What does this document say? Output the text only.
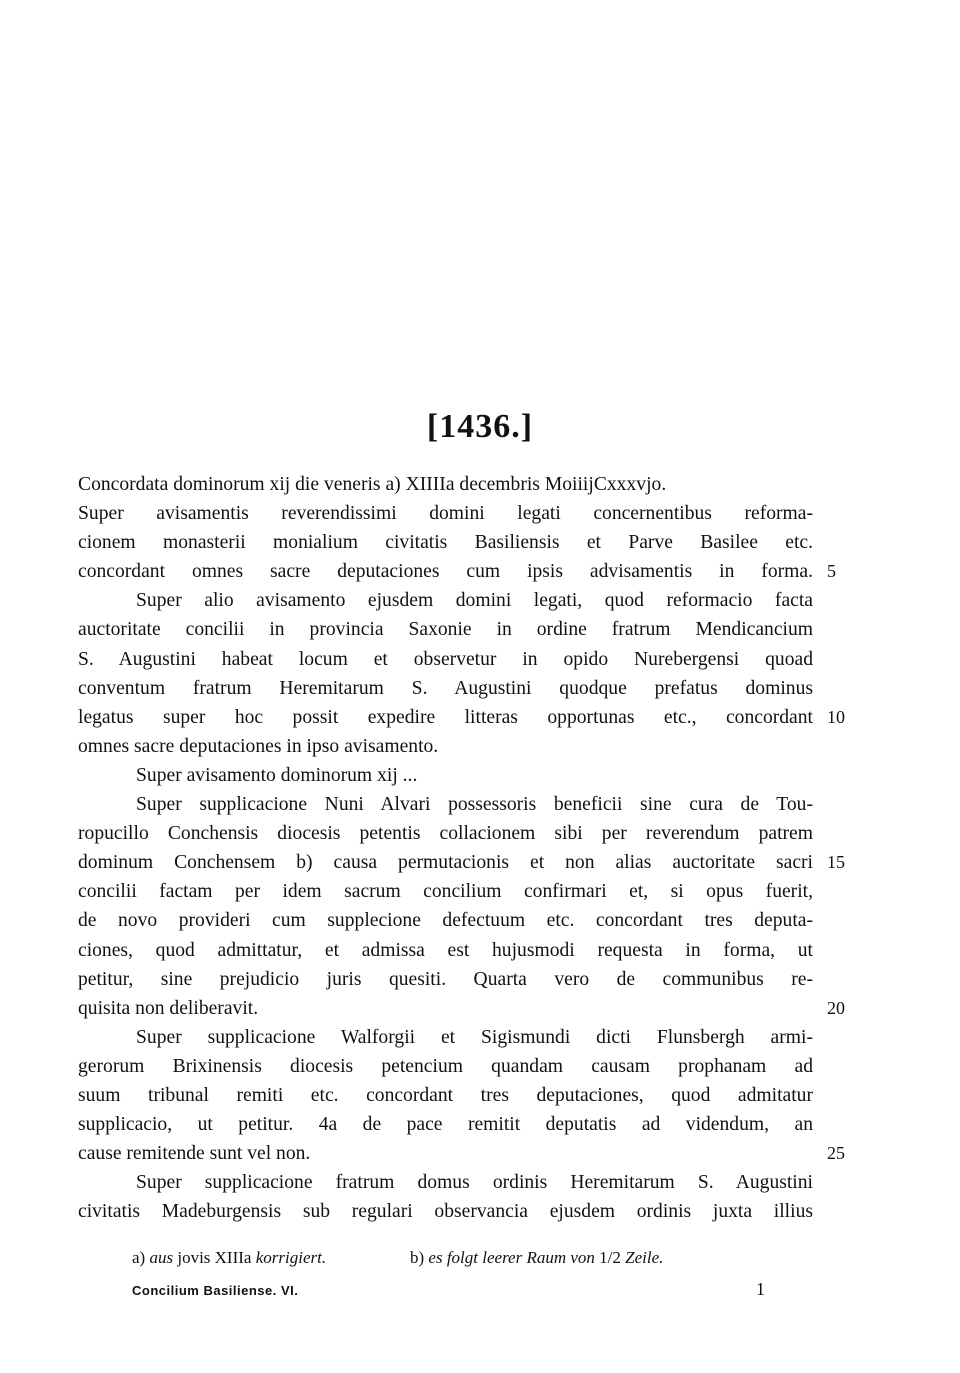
[1436.]
Concordata dominorum xij die veneris a) XIIIIa decembris MoiiijCxxxvjo.
Super avisamentis reverendissimi domini legati concernentibus reforma-
cionem monasterii monialium civitatis Basiliensis et Parve Basilee etc.
concordant omnes sacre deputaciones cum ipsis advisamentis in forma.
Super alio avisamento ejusdem domini legati, quod reformacio facta
auctoritate concilii in provincia Saxonie in ordine fratrum Mendicancium
S. Augustini habeat locum et observetur in opido Nurebergensi quoad
conventum fratrum Heremitarum S. Augustini quodque prefatus dominus
legatus super hoc possit expedire litteras opportunas etc., concordant
omnes sacre deputaciones in ipso avisamento.
Super avisamento dominorum xij ...
Super supplicacione Nuni Alvari possessoris beneficii sine cura de Tou-
ropucillo Conchensis diocesis petentis collacionem sibi per reverendum patrem
dominum Conchensem b) causa permutacionis et non alias auctoritate sacri
concilii factam per idem sacrum concilium confirmari et, si opus fuerit,
de novo provideri cum supplecione defectuum etc. concordant tres deputa-
ciones, quod admittatur, et admissa est hujusmodi requesta in forma, ut
petitur, sine prejudicio juris quesiti. Quarta vero de communibus re-
quisita non deliberavit.
Super supplicacione Walforgii et Sigismundi dicti Flunsbergh armi-
gerorum Brixinensis diocesis petencium quandam causam prophanam ad
suum tribunal remiti etc. concordant tres deputaciones, quod admitatur
supplicacio, ut petitur. 4a de pace remitit deputatis ad videndum, an
cause remitende sunt vel non.
Super supplicacione fratrum domus ordinis Heremitarum S. Augustini
civitatis Madeburgensis sub regulari observancia ejusdem ordinis juxta illius
5
10
15
20
25
a) aus jovis XIIIa korrigiert.	b) es folgt leerer Raum von 1/2 Zeile.
Concilium Basiliense. VI.	1
